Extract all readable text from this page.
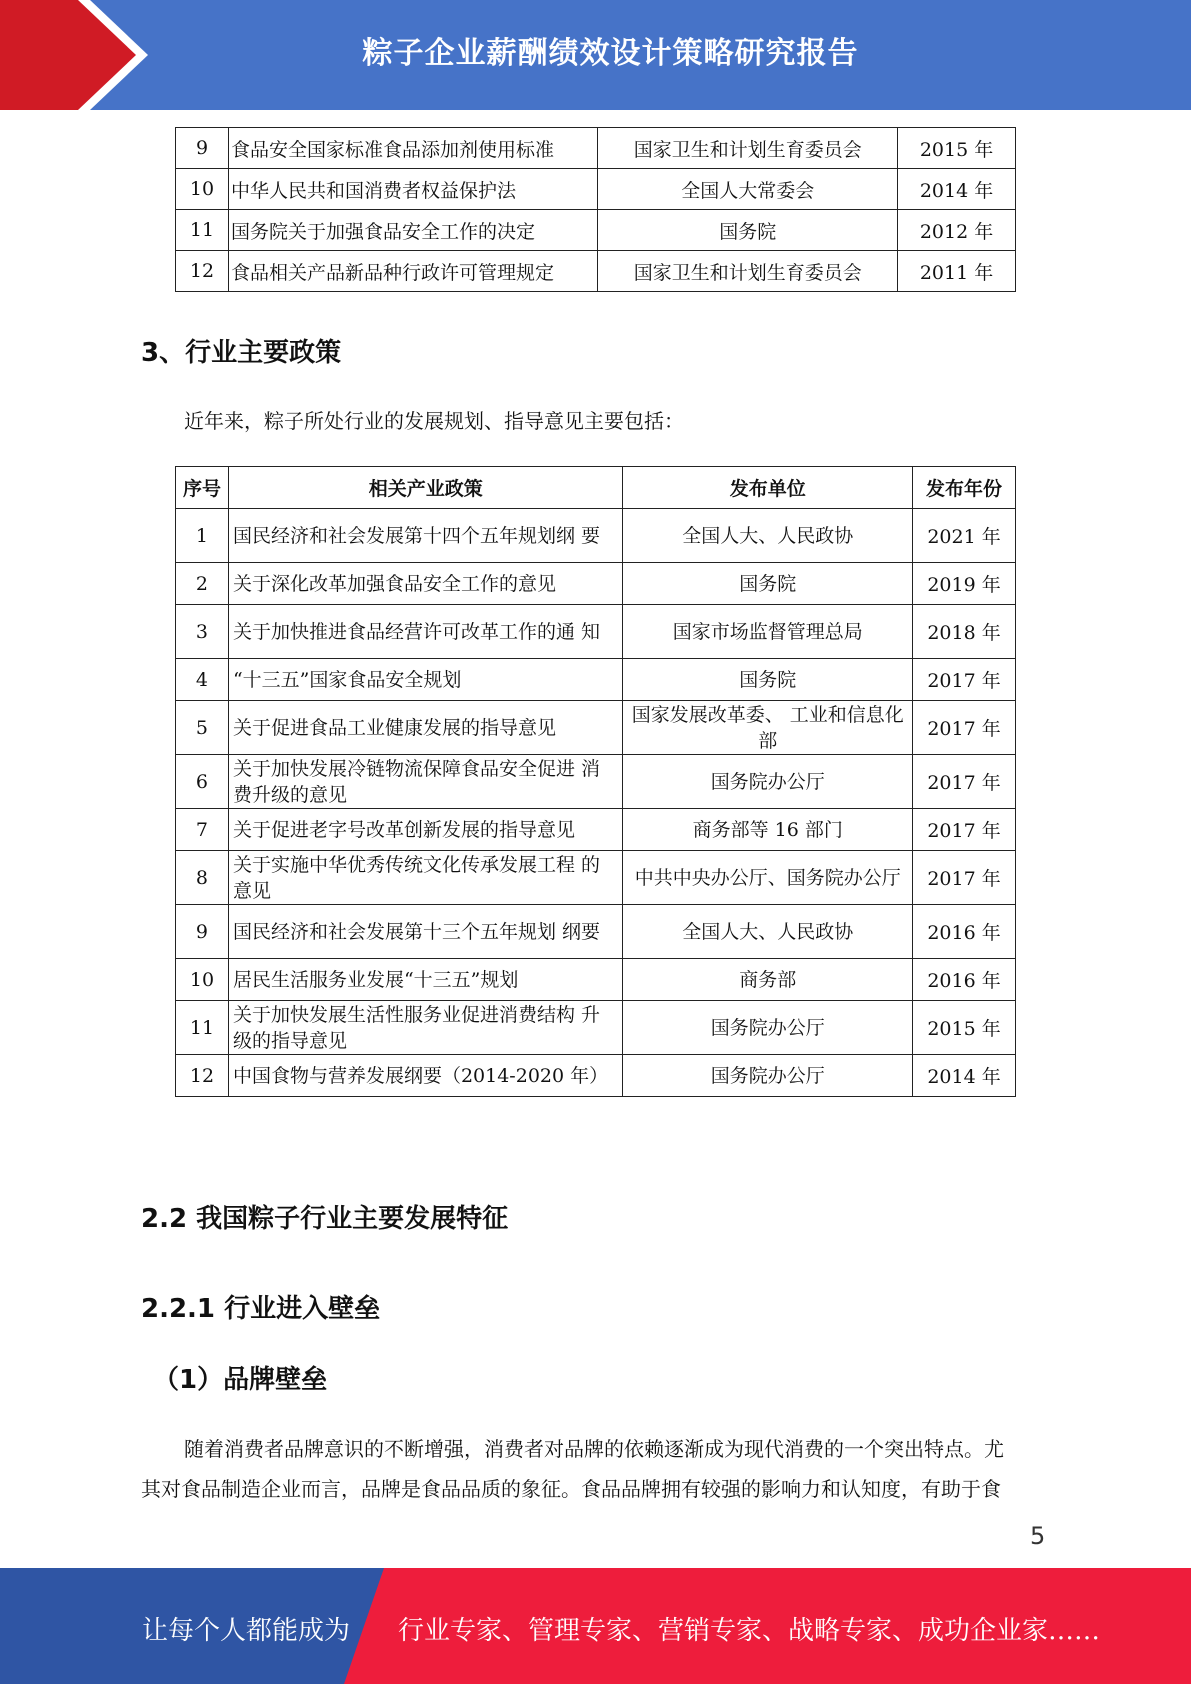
粽子企业薪酬绩效设计策略研究报告
9	食品安全国家标准食品添加剂使用标准	国家卫生和计划生育委员会	2015 年
10	中华人民共和国消费者权益保护法	全国人大常委会	2014 年
11	国务院关于加强食品安全工作的决定	国务院	2012 年
12	食品相关产品新品种行政许可管理规定	国家卫生和计划生育委员会	2011 年
3、行业主要政策

近年来，粽子所处行业的发展规划、指导意见主要包括：

序号	相关产业政策	发布单位	发布年份
1	国民经济和社会发展第十四个五年规划纲 要	全国人大、人民政协	2021 年
2	关于深化改革加强食品安全工作的意见	国务院	2019 年
3	关于加快推进食品经营许可改革工作的通 知	国家市场监督管理总局	2018 年
4	“十三五”国家食品安全规划	国务院	2017 年
5	关于促进食品工业健康发展的指导意见	国家发展改革委、 工业和信息化部	2017 年
6	关于加快发展冷链物流保障食品安全促进 消费升级的意见	国务院办公厅	2017 年
7	关于促进老字号改革创新发展的指导意见	商务部等 16 部门	2017 年
8	关于实施中华优秀传统文化传承发展工程 的意见	中共中央办公厅、国务院办公厅	2017 年
9	国民经济和社会发展第十三个五年规划 纲要	全国人大、人民政协	2016 年
10	居民生活服务业发展“十三五”规划	商务部	2016 年
11	关于加快发展生活性服务业促进消费结构 升级的指导意见	国务院办公厅	2015 年
12	中国食物与营养发展纲要（2014-2020 年）	国务院办公厅	2014 年
2.2 我国粽子行业主要发展特征
2.2.1 行业进入壁垒
（1）品牌壁垒

随着消费者品牌意识的不断增强，消费者对品牌的依赖逐渐成为现代消费的一个突出特点。尤

其对食品制造企业而言，品牌是食品品质的象征。食品品牌拥有较强的影响力和认知度，有助于食

5
让每个人都能成为 行业专家、管理专家、营销专家、战略专家、成功企业家……
